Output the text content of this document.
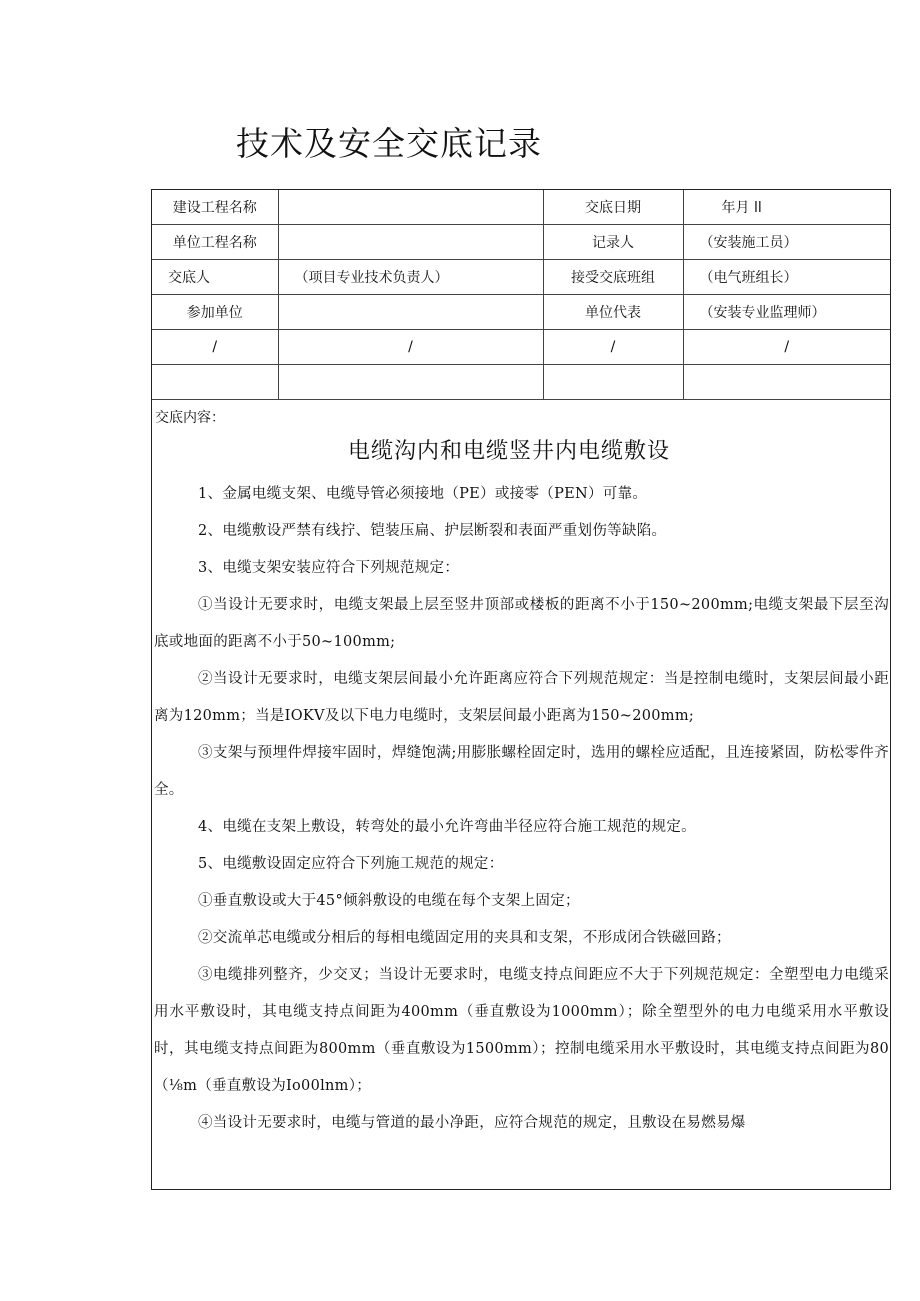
技术及安全交底记录
建设工程名称		交底日期	年月 ll
单位工程名称		记录人	（安装施工员）
交底人	（项目专业技术负责人）	接受交底班组	（电气班组长）
参加单位		单位代表	（安装专业监理师）
/	/	/	/

交底内容：
电缆沟内和电缆竖井内电缆敷设

1、金属电缆支架、电缆导管必须接地（PE）或接零（PEN）可靠。

2、电缆敷设严禁有线拧、铠装压扁、护层断裂和表面严重划伤等缺陷。

3、电缆支架安装应符合下列规范规定：

①当设计无要求时，电缆支架最上层至竖井顶部或楼板的距离不小于150~200mm;电缆支架最下层至沟底或地面的距离不小于50~100mm;

②当设计无要求时，电缆支架层间最小允许距离应符合下列规范规定：当是控制电缆时，支架层间最小距离为120mm；当是IOKV及以下电力电缆时，支架层间最小距离为150~200mm;

③支架与预埋件焊接牢固时，焊缝饱满;用膨胀螺栓固定时，选用的螺栓应适配，且连接紧固，防松零件齐全。

4、电缆在支架上敷设，转弯处的最小允许弯曲半径应符合施工规范的规定。

5、电缆敷设固定应符合下列施工规范的规定：

①垂直敷设或大于45°倾斜敷设的电缆在每个支架上固定；

②交流单芯电缆或分相后的每相电缆固定用的夹具和支架，不形成闭合铁磁回路；

③电缆排列整齐，少交叉；当设计无要求时，电缆支持点间距应不大于下列规范规定：全塑型电力电缆采用水平敷设时，其电缆支持点间距为400mm（垂直敷设为1000mm）；除全塑型外的电力电缆采用水平敷设时，其电缆支持点间距为800mm（垂直敷设为1500mm）；控制电缆采用水平敷设时，其电缆支持点间距为80（⅛m（垂直敷设为Io00lnm）；

④当设计无要求时，电缆与管道的最小净距，应符合规范的规定，且敷设在易燃易爆
